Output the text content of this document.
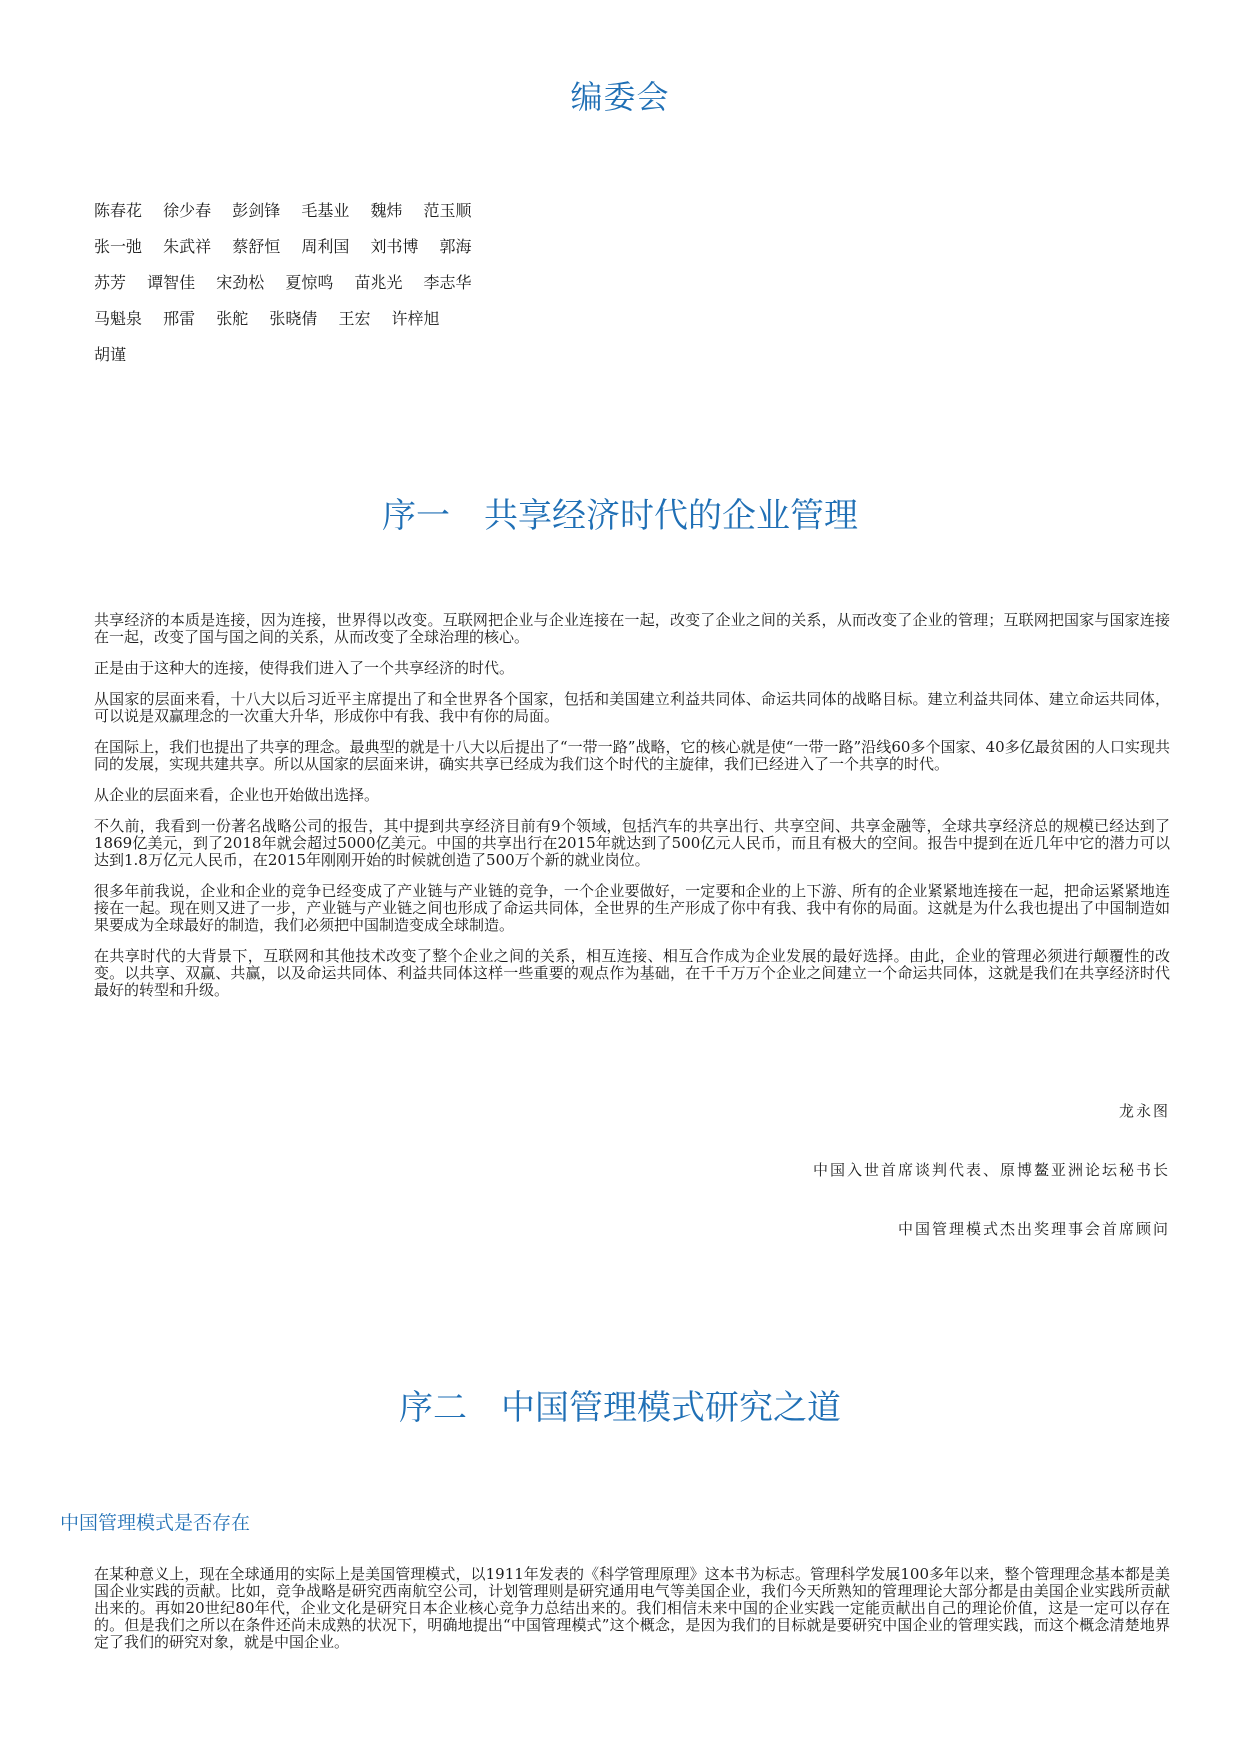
编委会
陈春花 徐少春 彭剑锋 毛基业 魏炜 范玉顺
张一弛 朱武祥 蔡舒恒 周利国 刘书博 郭海
苏芳 谭智佳 宋劲松 夏惊鸣 苗兆光 李志华
马魁泉 邢雷 张舵 张晓倩 王宏 许梓旭
胡谨
序一　共享经济时代的企业管理

共享经济的本质是连接，因为连接，世界得以改变。互联网把企业与企业连接在一起，改变了企业之间的关系，从而改变了企业的管理；互联网把国家与国家连接在一起，改变了国与国之间的关系，从而改变了全球治理的核心。

正是由于这种大的连接，使得我们进入了一个共享经济的时代。

从国家的层面来看，十八大以后习近平主席提出了和全世界各个国家，包括和美国建立利益共同体、命运共同体的战略目标。建立利益共同体、建立命运共同体，可以说是双赢理念的一次重大升华，形成你中有我、我中有你的局面。

在国际上，我们也提出了共享的理念。最典型的就是十八大以后提出了“一带一路”战略，它的核心就是使“一带一路”沿线60多个国家、40多亿最贫困的人口实现共同的发展，实现共建共享。所以从国家的层面来讲，确实共享已经成为我们这个时代的主旋律，我们已经进入了一个共享的时代。

从企业的层面来看，企业也开始做出选择。

不久前，我看到一份著名战略公司的报告，其中提到共享经济目前有9个领域，包括汽车的共享出行、共享空间、共享金融等，全球共享经济总的规模已经达到了1869亿美元，到了2018年就会超过5000亿美元。中国的共享出行在2015年就达到了500亿元人民币，而且有极大的空间。报告中提到在近几年中它的潜力可以达到1.8万亿元人民币，在2015年刚刚开始的时候就创造了500万个新的就业岗位。

很多年前我说，企业和企业的竞争已经变成了产业链与产业链的竞争，一个企业要做好，一定要和企业的上下游、所有的企业紧紧地连接在一起，把命运紧紧地连接在一起。现在则又进了一步，产业链与产业链之间也形成了命运共同体，全世界的生产形成了你中有我、我中有你的局面。这就是为什么我也提出了中国制造如果要成为全球最好的制造，我们必须把中国制造变成全球制造。

在共享时代的大背景下，互联网和其他技术改变了整个企业之间的关系，相互连接、相互合作成为企业发展的最好选择。由此，企业的管理必须进行颠覆性的改变。以共享、双赢、共赢，以及命运共同体、利益共同体这样一些重要的观点作为基础，在千千万万个企业之间建立一个命运共同体，这就是我们在共享经济时代最好的转型和升级。

龙永图
中国入世首席谈判代表、原博鳌亚洲论坛秘书长
中国管理模式杰出奖理事会首席顾问
序二　中国管理模式研究之道
中国管理模式是否存在

在某种意义上，现在全球通用的实际上是美国管理模式，以1911年发表的《科学管理原理》这本书为标志。管理科学发展100多年以来，整个管理理念基本都是美国企业实践的贡献。比如，竞争战略是研究西南航空公司，计划管理则是研究通用电气等美国企业，我们今天所熟知的管理理论大部分都是由美国企业实践所贡献出来的。再如20世纪80年代，企业文化是研究日本企业核心竞争力总结出来的。我们相信未来中国的企业实践一定能贡献出自己的理论价值，这是一定可以存在的。但是我们之所以在条件还尚未成熟的状况下，明确地提出“中国管理模式”这个概念，是因为我们的目标就是要研究中国企业的管理实践，而这个概念清楚地界定了我们的研究对象，就是中国企业。
